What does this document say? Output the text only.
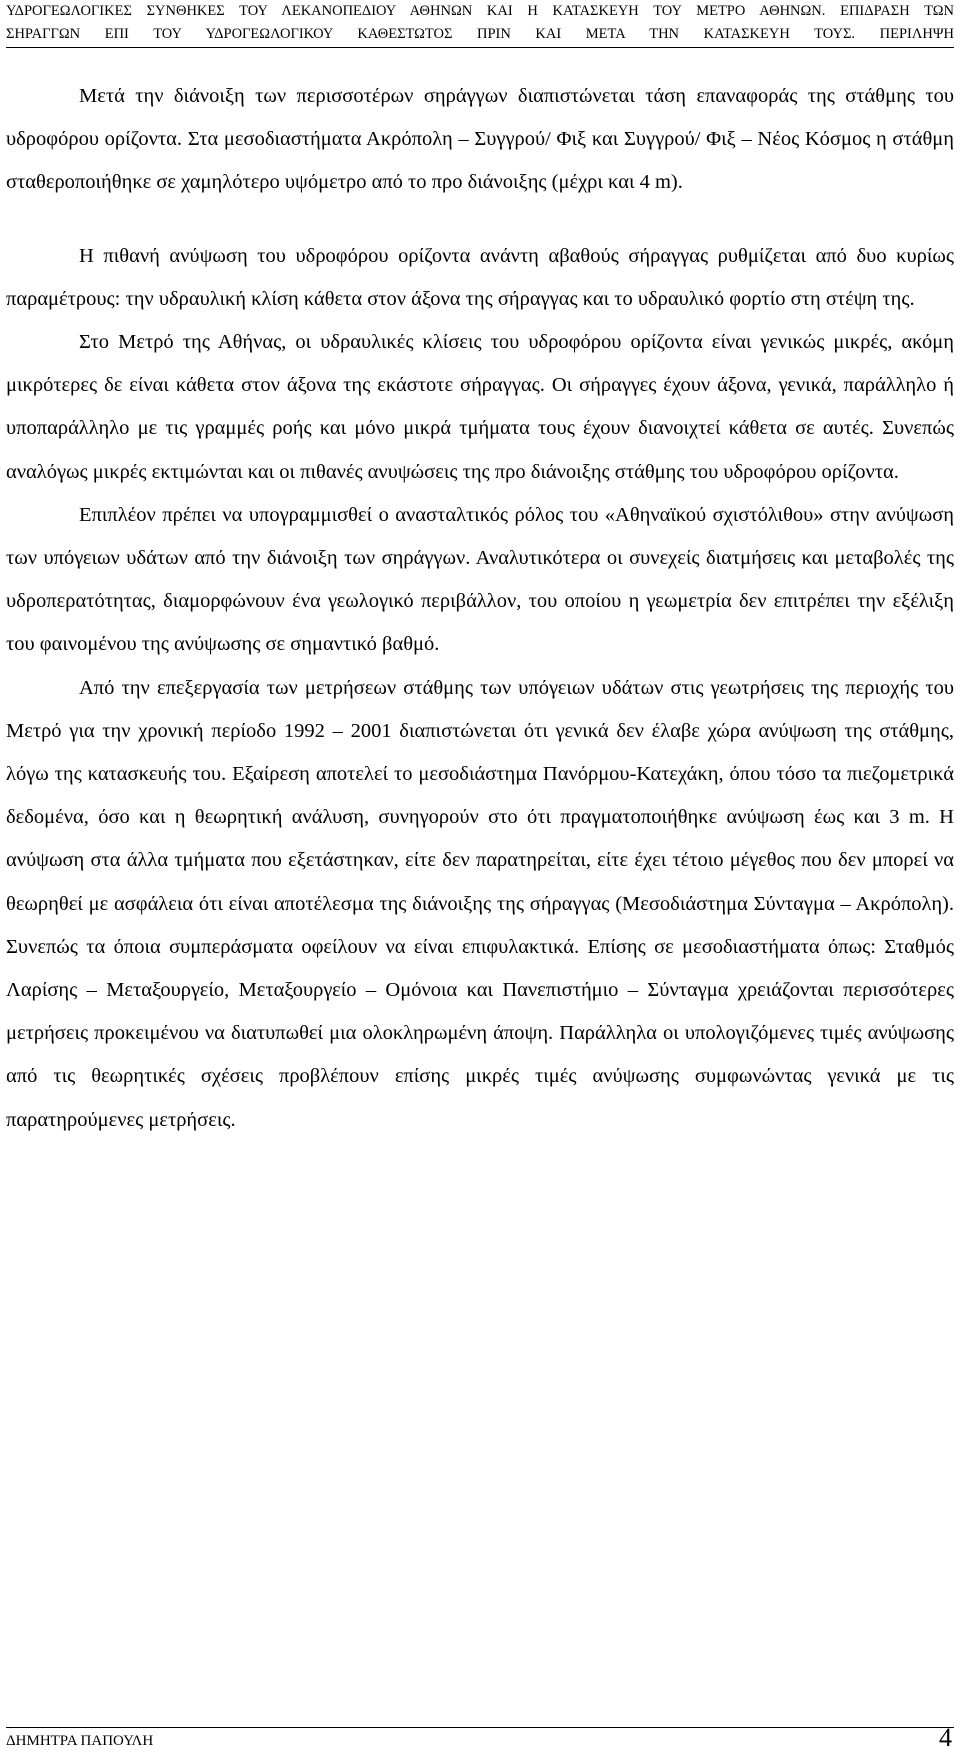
ΥΔΡΟΓΕΩΛΟΓΙΚΕΣ ΣΥΝΘΗΚΕΣ ΤΟΥ ΛΕΚΑΝΟΠΕΔΙΟΥ ΑΘΗΝΩΝ ΚΑΙ Η ΚΑΤΑΣΚΕΥΗ ΤΟΥ ΜΕΤΡΟ ΑΘΗΝΩΝ. ΕΠΙΔΡΑΣΗ ΤΩΝ
ΣΗΡΑΓΓΩΝ ΕΠΙ ΤΟΥ ΥΔΡΟΓΕΩΛΟΓΙΚΟΥ ΚΑΘΕΣΤΩΤΟΣ ΠΡΙΝ ΚΑΙ ΜΕΤΑ ΤΗΝ ΚΑΤΑΣΚΕΥΗ ΤΟΥΣ. ΠΕΡΙΛΗΨΗ

Μετά την διάνοιξη των περισσοτέρων σηράγγων διαπιστώνεται τάση επαναφοράς της στάθμης του υδροφόρου ορίζοντα. Στα μεσοδιαστήματα Ακρόπολη – Συγγρού/ Φιξ και Συγγρού/ Φιξ – Νέος Κόσμος η στάθμη σταθεροποιήθηκε σε χαμηλότερο υψόμετρο από το προ διάνοιξης (μέχρι και 4 m).

Η πιθανή ανύψωση του υδροφόρου ορίζοντα ανάντη αβαθούς σήραγγας ρυθμίζεται από δυο κυρίως παραμέτρους: την υδραυλική κλίση κάθετα στον άξονα της σήραγγας και το υδραυλικό φορτίο στη στέψη της.

Στο Μετρό της Αθήνας, οι υδραυλικές κλίσεις του υδροφόρου ορίζοντα είναι γενικώς μικρές, ακόμη μικρότερες δε είναι κάθετα στον άξονα της εκάστοτε σήραγγας. Οι σήραγγες έχουν άξονα, γενικά, παράλληλο ή υποπαράλληλο με τις γραμμές ροής και μόνο μικρά τμήματα τους έχουν διανοιχτεί κάθετα σε αυτές. Συνεπώς αναλόγως μικρές εκτιμώνται και οι πιθανές ανυψώσεις της προ διάνοιξης στάθμης του υδροφόρου ορίζοντα.

Επιπλέον πρέπει να υπογραμμισθεί ο ανασταλτικός ρόλος του «Αθηναϊκού σχιστόλιθου» στην ανύψωση των υπόγειων υδάτων από την διάνοιξη των σηράγγων. Αναλυτικότερα οι συνεχείς διατμήσεις και μεταβολές της υδροπερατότητας, διαμορφώνουν ένα γεωλογικό περιβάλλον, του οποίου η γεωμετρία δεν επιτρέπει την εξέλιξη του φαινομένου της ανύψωσης σε σημαντικό βαθμό.

Από την επεξεργασία των μετρήσεων στάθμης των υπόγειων υδάτων στις γεωτρήσεις της περιοχής του Μετρό για την χρονική περίοδο 1992 – 2001 διαπιστώνεται ότι γενικά δεν έλαβε χώρα ανύψωση της στάθμης, λόγω της κατασκευής του. Εξαίρεση αποτελεί το μεσοδιάστημα Πανόρμου-Κατεχάκη, όπου τόσο τα πιεζομετρικά δεδομένα, όσο και η θεωρητική ανάλυση, συνηγορούν στο ότι πραγματοποιήθηκε ανύψωση έως και 3 m. Η ανύψωση στα άλλα τμήματα που εξετάστηκαν, είτε δεν παρατηρείται, είτε έχει τέτοιο μέγεθος που δεν μπορεί να θεωρηθεί με ασφάλεια ότι είναι αποτέλεσμα της διάνοιξης της σήραγγας (Μεσοδιάστημα Σύνταγμα – Ακρόπολη). Συνεπώς τα όποια συμπεράσματα οφείλουν να είναι επιφυλακτικά. Επίσης σε μεσοδιαστήματα όπως: Σταθμός Λαρίσης – Μεταξουργείο, Μεταξουργείο – Ομόνοια και Πανεπιστήμιο – Σύνταγμα χρειάζονται περισσότερες μετρήσεις προκειμένου να διατυπωθεί μια ολοκληρωμένη άποψη. Παράλληλα οι υπολογιζόμενες τιμές ανύψωσης από τις θεωρητικές σχέσεις προβλέπουν επίσης μικρές τιμές ανύψωσης συμφωνώντας γενικά με τις παρατηρούμενες μετρήσεις.

ΔΗΜΗΤΡΑ ΠΑΠΟΥΛΗ	4
